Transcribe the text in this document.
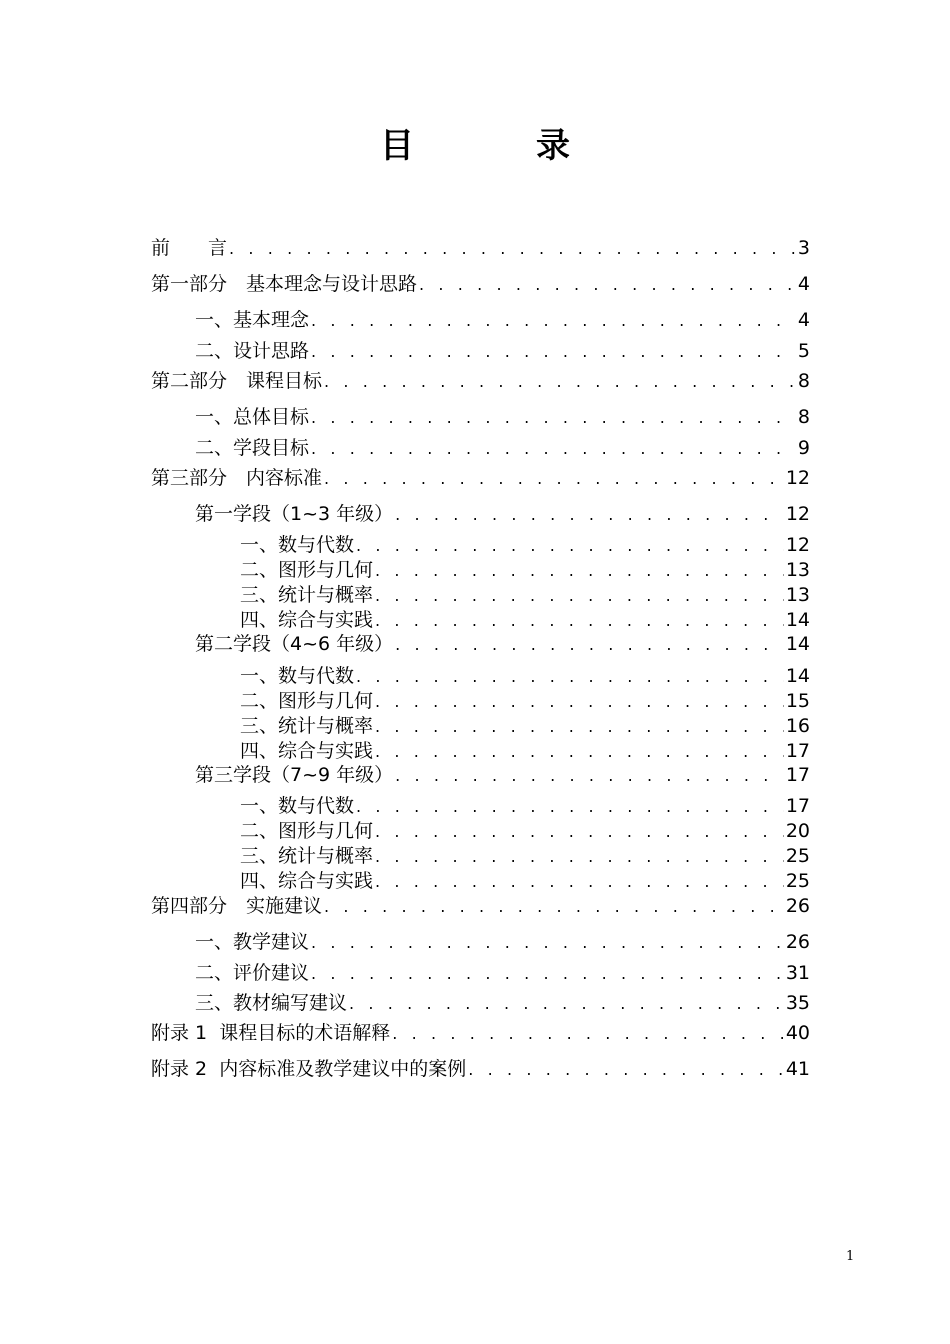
目　录
前　　言 . . .	3
第一部分　基本理念与设计思路 . . .	4
一、基本理念 . . .	4
二、设计思路 . . .	5
第二部分　课程目标 . . .	8
一、总体目标 . . .	8
二、学段目标 . . .	9
第三部分　内容标准 . . .	12
第一学段（1~3 年级） . . .	12
一、数与代数 . . .	12
二、图形与几何 . . .	13
三、统计与概率 . . .	13
四、综合与实践 . . .	14
第二学段（4~6 年级） . . .	14
一、数与代数 . . .	14
二、图形与几何 . . .	15
三、统计与概率 . . .	16
四、综合与实践 . . .	17
第三学段（7~9 年级） . . .	17
一、数与代数 . . .	17
二、图形与几何 . . .	20
三、统计与概率 . . .	25
四、综合与实践 . . .	25
第四部分　实施建议 . . .	26
一、教学建议 . . .	26
二、评价建议 . . .	31
三、教材编写建议 . . .	35
附录 1  课程目标的术语解释 . . .	40
附录 2  内容标准及教学建议中的案例 . . .	41
1
